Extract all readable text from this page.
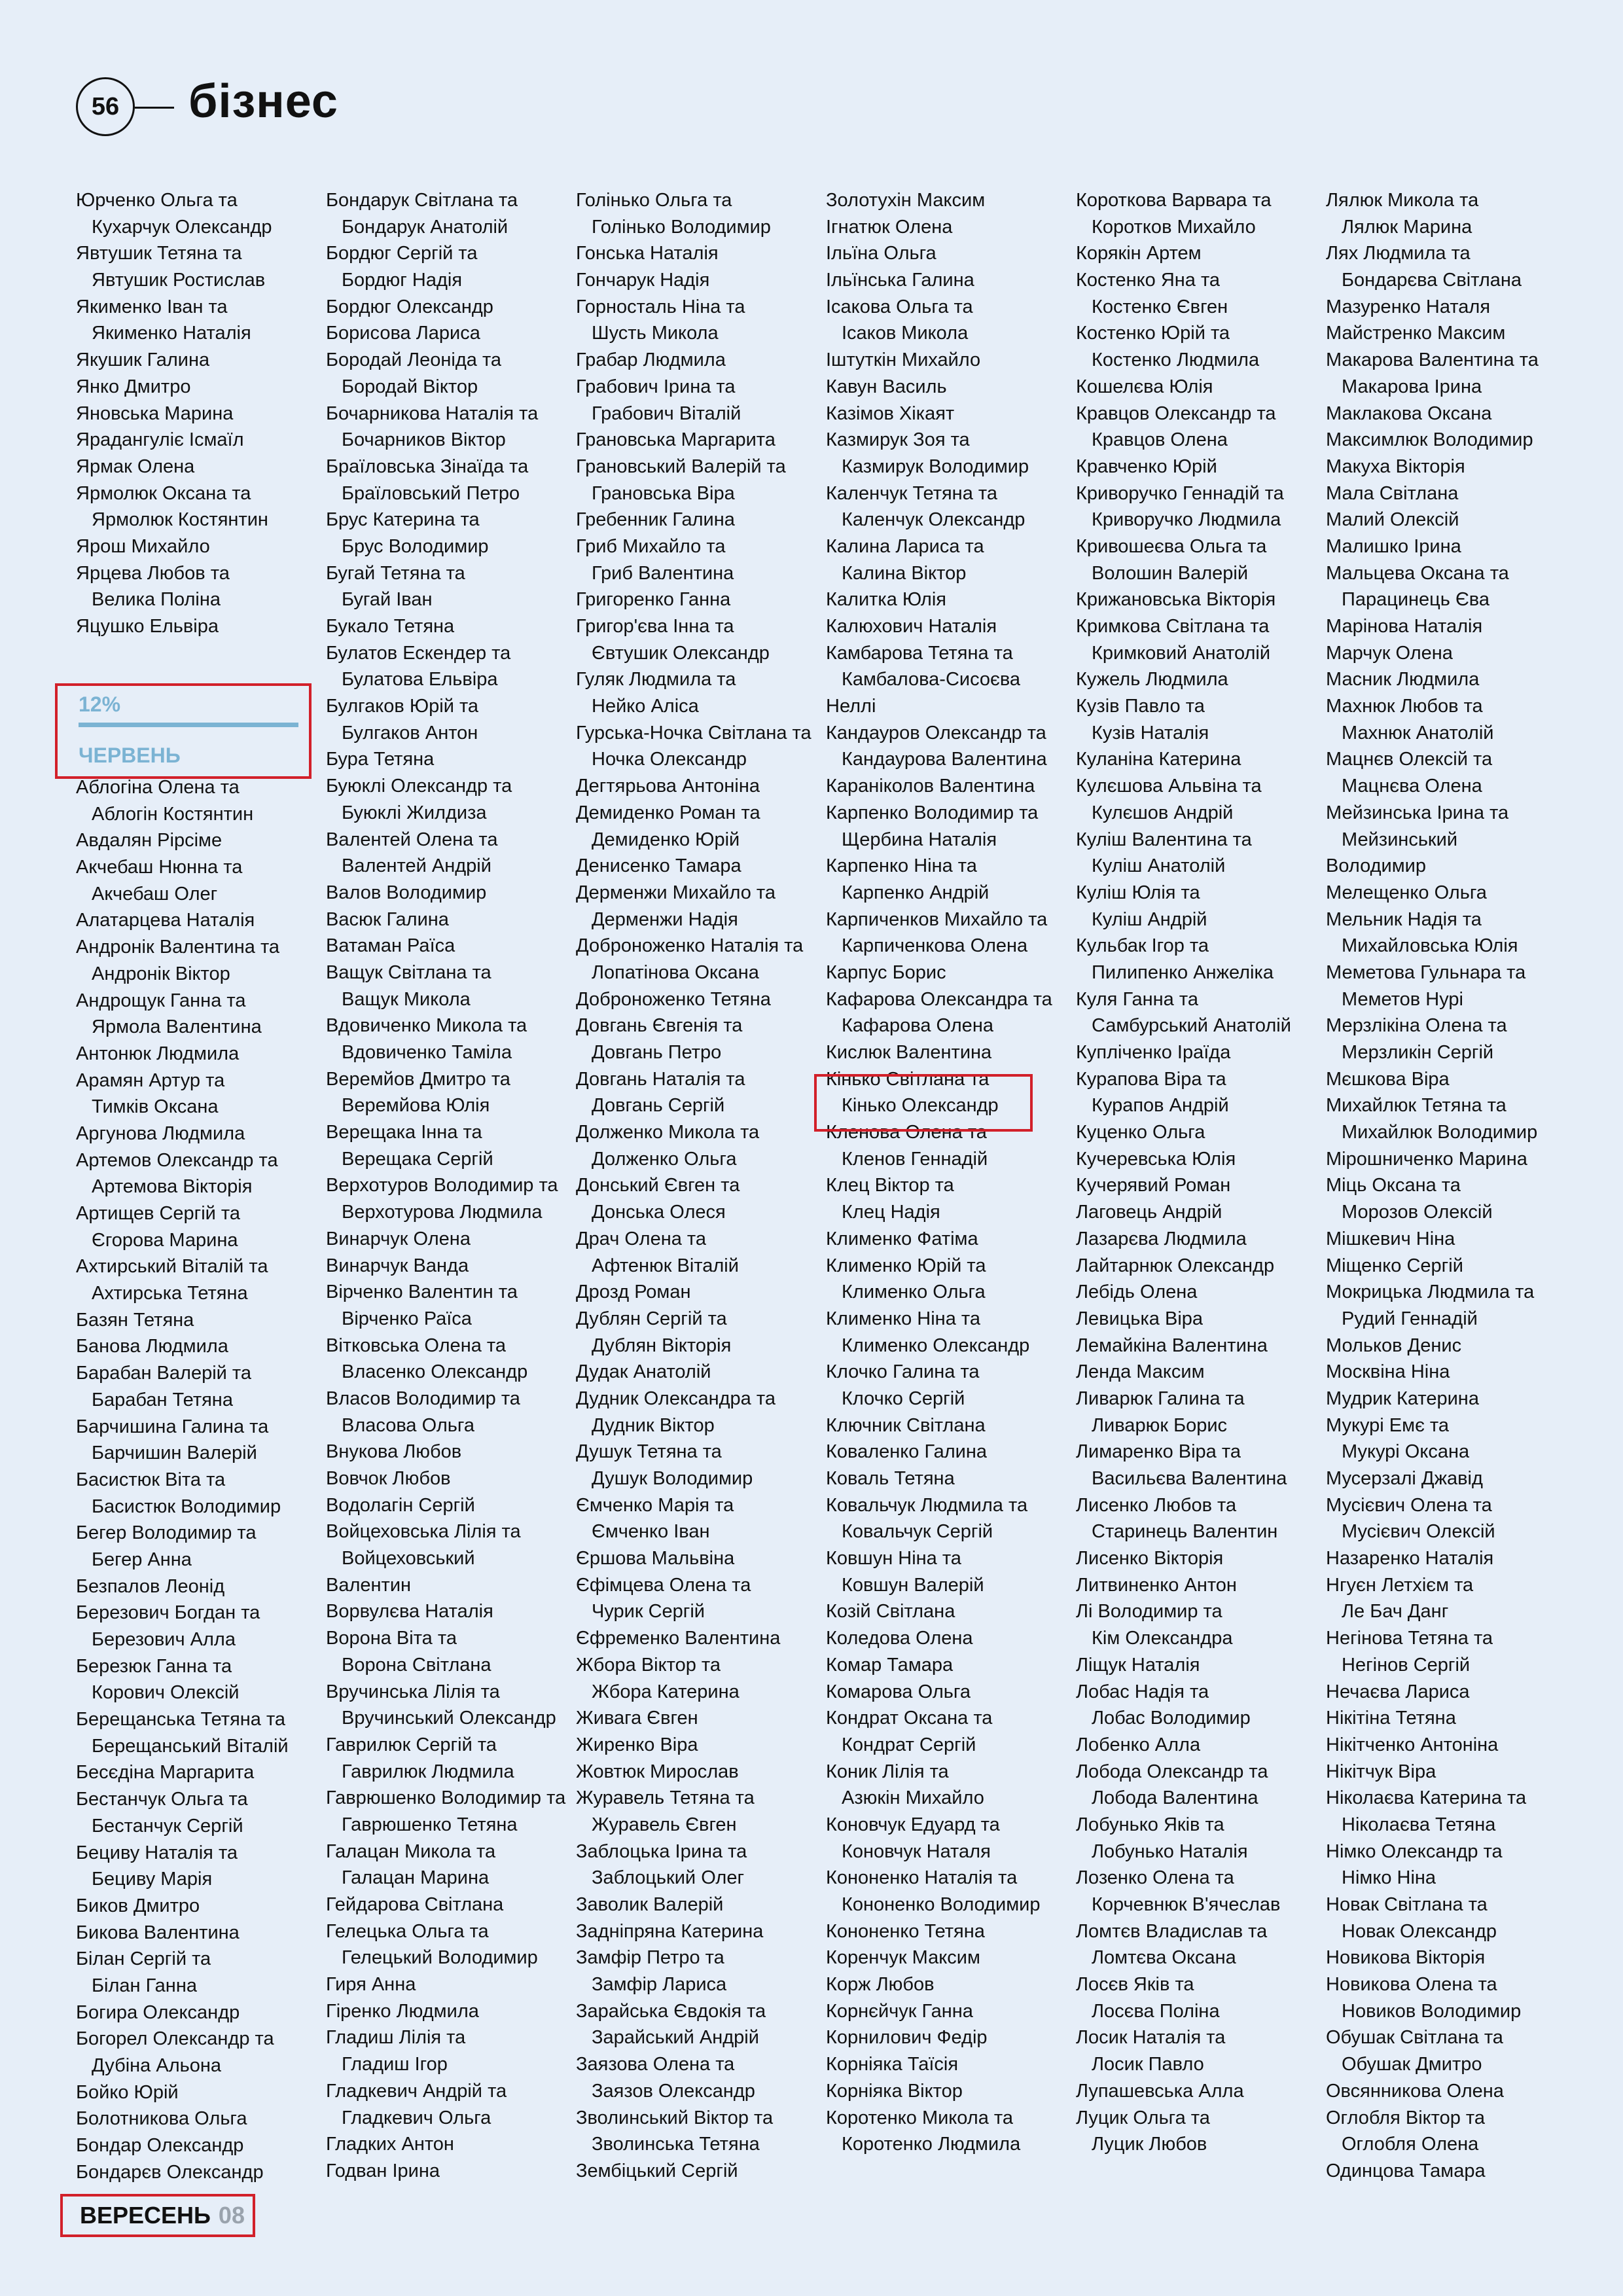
56	бізнес
Юрченко Ольга та
Кухарчук Олександр
Явтушик Тетяна та
Явтушик Ростислав
Якименко Іван та
Якименко Наталія
Якушик Галина
Янко Дмитро
Яновська Марина
Ярадангуліє Ісмаїл
Ярмак Олена
Ярмолюк Оксана та
Ярмолюк Костянтин
Ярош Михайло
Ярцева Любов та
Велика Поліна
Яцушко Ельвіра
12%
ЧЕРВЕНЬ
Аблогіна Олена та
Аблогін Костянтин
Авдалян Рipсіме
Акчебаш Нюнна та
Акчебаш Олег
Алатарцева Наталія
Андронік Валентина та
Андронік Віктор
Андрощук Ганна та
Ярмола Валентина
Антонюк Людмила
Арамян Артур та
Тимків Оксана
Аргунова Людмила
Артемов Олександр та
Артемова Вікторія
Артищев Сергій та
Єгорова Марина
Ахтирський Віталій та
Ахтирська Тетяна
Базян Тетяна
Банова Людмила
Барабан Валерій та
Барабан Тетяна
Барчишина Галина та
Барчишин Валерій
Басистюк Віта та
Басистюк Володимир
Бегер Володимир та
Бегер Анна
Безпалов Леонід
Березович Богдан та
Березович Алла
Березюк Ганна та
Корович Олексій
Берещанська Тетяна та
Берещанський Віталій
Бесєдіна Маргарита
Бестанчук Ольга та
Бестанчук Сергій
Бециву Наталія та
Бециву Марія
Биков Дмитро
Бикова Валентина
Білан Сергій та
Білан Ганна
Богира Олександр
Богорел Олександр та
Дубіна Альона
Бойко Юрій
Болотникова Ольга
Бондар Олександр
Бондарєв Олександр
Бондарук Світлана та
Бондарук Анатолій
Бордюг Сергій та
Бордюг Надія
Бордюг Олександр
Борисова Лариса
Бородай Леоніда та
Бородай Віктор
Бочарникова Наталія та
Бочарников Віктор
Браїловська Зінаїда та
Браїловський Петро
Брус Катерина та
Брус Володимир
Бугай Тетяна та
Бугай Іван
Букало Тетяна
Булатов Ескендер та
Булатова Ельвіра
Булгаков Юрій та
Булгаков Антон
Бура Тетяна
Буюклі Олександр та
Буюклі Жилдиза
Валентей Олена та
Валентей Андрій
Валов Володимир
Васюк Галина
Ватаман Раїса
Ващук Світлана та
Ващук Микола
Вдовиченко Микола та
Вдовиченко Таміла
Веремйов Дмитро та
Веремйова Юлія
Верещака Інна та
Верещака Сергій
Верхотуров Володимир та
Верхотурова Людмила
Винарчук Олена
Винарчук Ванда
Вірченко Валентин та
Вірченко Раїса
Вітковська Олена та
Власенко Олександр
Власов Володимир та
Власова Ольга
Внукова Любов
Вовчок Любов
Водолагін Сергій
Войцеховська Лілія та
Войцеховський
Валентин
Ворвулєва Наталія
Ворона Віта та
Ворона Світлана
Вручинська Лілія та
Вручинський Олександр
Гаврилюк Сергій та
Гаврилюк Людмила
Гаврюшенко Володимир та
Гаврюшенко Тетяна
Галацан Микола та
Галацан Марина
Гейдарова Світлана
Гелецька Ольга та
Гелецький Володимир
Гиря Анна
Гіренко Людмила
Гладиш Лілія та
Гладиш Ігор
Гладкевич Андрій та
Гладкевич Ольга
Гладких Антон
Годван Ірина
Голінько Ольга та
Голінько Володимир
Гонська Наталія
Гончарук Надія
Горносталь Ніна та
Шусть Микола
Грабар Людмила
Грабович Ірина та
Грабович Віталій
Грановська Маргарита
Грановський Валерій та
Грановська Віра
Гребенник Галина
Гриб Михайло та
Гриб Валентина
Григоренко Ганна
Григор'єва Інна та
Євтушик Олександр
Гуляк Людмила та
Нейко Аліса
Гурська-Ночка Світлана та
Ночка Олександр
Дегтярьова Антоніна
Демиденко Роман та
Демиденко Юрій
Денисенко Тамара
Дерменжи Михайло та
Дерменжи Надія
Доброноженко Наталія та
Лопатінова Оксана
Доброноженко Тетяна
Довгань Євгенія та
Довгань Петро
Довгань Наталія та
Довгань Сергій
Долженко Микола та
Долженко Ольга
Донський Євген та
Донська Олеся
Драч Олена та
Афтенюк Віталій
Дрозд Роман
Дублян Сергій та
Дублян Вікторія
Дудак Анатолій
Дудник Олександра та
Дудник Віктор
Душук Тетяна та
Душук Володимир
Ємченко Марія та
Ємченко Іван
Єршова Мальвіна
Єфімцева Олена та
Чурик Сергій
Єфременко Валентина
Жбора Віктор та
Жбора Катерина
Живага Євген
Жиренко Віра
Жовтюк Мирослав
Журавель Тетяна та
Журавель Євген
Заблоцька Ірина та
Заблоцький Олег
Заволик Валерій
Задніпряна Катерина
Замфір Петро та
Замфір Лариса
Зарайська Євдокія та
Зарайський Андрій
Заязова Олена та
Заязов Олександр
Зволинський Віктор та
Зволинська Тетяна
Зембіцький Сергій
Золотухін Максим
Ігнатюк Олена
Ільїна Ольга
Ільїнська Галина
Ісакова Ольга та
Ісаков Микола
Іштуткін Михайло
Кавун Василь
Казімов Хікаят
Казмирук Зоя та
Казмирук Володимир
Каленчук Тетяна та
Каленчук Олександр
Калина Лариса та
Калина Віктор
Калитка Юлія
Калюхович Наталія
Камбарова Тетяна та
Камбалова-Сисоєва
Неллі
Кандауров Олександр та
Кандаурова Валентина
Караніколов Валентина
Карпенко Володимир та
Щербина Наталія
Карпенко Ніна та
Карпенко Андрій
Карпиченков Михайло та
Карпиченкова Олена
Карпус Борис
Кафарова Олександра та
Кафарова Олена
Кислюк Валентина
Кінько Світлана та
Кінько Олександр
Кленова Олена та
Кленов Геннадій
Клец Віктор та
Клец Надія
Клименко Фатіма
Клименко Юрій та
Клименко Ольга
Клименко Ніна та
Клименко Олександр
Клочко Галина та
Клочко Сергій
Ключник Світлана
Коваленко Галина
Коваль Тетяна
Ковальчук Людмила та
Ковальчук Сергій
Ковшун Ніна та
Ковшун Валерій
Козій Світлана
Коледова Олена
Комар Тамара
Комарова Ольга
Кондрат Оксана та
Кондрат Сергій
Коник Лілія та
Азюкін Михайло
Коновчук Едуард та
Коновчук Наталя
Кононенко Наталія та
Кононенко Володимир
Кононенко Тетяна
Коренчук Максим
Корж Любов
Корнєйчук Ганна
Корнилович Федір
Корніяка Таїсія
Корніяка Віктор
Коротенко Микола та
Коротенко Людмила
Короткова Варвара та
Коротков Михайло
Корякін Артем
Костенко Яна та
Костенко Євген
Костенко Юрій та
Костенко Людмила
Кошелєва Юлія
Кравцов Олександр та
Кравцов Олена
Кравченко Юрій
Криворучко Геннадій та
Криворучко Людмила
Кривошеєва Ольга та
Волошин Валерій
Крижановська Вікторія
Кримкова Світлана та
Кримковий Анатолій
Кужель Людмила
Кузів Павло та
Кузів Наталія
Куланіна Катерина
Кулєшова Альвіна та
Кулєшов Андрій
Куліш Валентина та
Куліш Анатолій
Куліш Юлія та
Куліш Андрій
Кульбак Ігор та
Пилипенко Анжеліка
Куля Ганна та
Самбурський Анатолій
Купліченко Іраїда
Курапова Віра та
Курапов Андрій
Куценко Ольга
Кучеревська Юлія
Кучерявий Роман
Лаговець Андрій
Лазарєва Людмила
Лайтарнюк Олександр
Лебідь Олена
Левицька Віра
Лемайкіна Валентина
Ленда Максим
Ливарюк Галина та
Ливарюк Борис
Лимаренко Віра та
Васильєва Валентина
Лисенко Любов та
Старинець Валентин
Лисенко Вікторія
Литвиненко Антон
Лі Володимир та
Кім Олександра
Ліщук Наталія
Лобас Надія та
Лобас Володимир
Лобенко Алла
Лобода Олександр та
Лобода Валентина
Лобунько Яків та
Лобунько Наталія
Лозенко Олена та
Корчевнюк В'ячеслав
Ломтєв Владислав та
Ломтєва Оксана
Лосєв Яків та
Лосєва Поліна
Лосик Наталія та
Лосик Павло
Лупашевська Алла
Луцик Ольга та
Луцик Любов
Лялюк Микола та
Лялюк Марина
Лях Людмила та
Бондарєва Світлана
Мазуренко Наталя
Майстренко Максим
Макарова Валентина та
Макарова Ірина
Маклакова Оксана
Максимлюк Володимир
Макуха Вікторія
Мала Світлана
Малий Олексій
Малишко Ірина
Мальцева Оксана та
Парацинець Єва
Марінова Наталія
Марчук Олена
Масник Людмила
Махнюк Любов та
Махнюк Анатолій
Мацнєв Олексій та
Мацнєва Олена
Мейзинська Ірина та
Мейзинський
Володимир
Мелещенко Ольга
Мельник Надія та
Михайловська Юлія
Меметова Гульнара та
Меметов Нурі
Мерзлікіна Олена та
Мерзликін Сергій
Мєшкова Віра
Михайлюк Тетяна та
Михайлюк Володимир
Мірошниченко Марина
Міць Оксана та
Морозов Олексій
Мішкевич Ніна
Міщенко Сергій
Мокрицька Людмила та
Рудий Геннадій
Мольков Денис
Москвіна Ніна
Мудрик Катерина
Мукурі Емє та
Мукурі Оксана
Мусерзалі Джавід
Мусієвич Олена та
Мусієвич Олексій
Назаренко Наталія
Нгуєн Летхієм та
Ле Бач Данг
Негінова Тетяна та
Негінов Сергій
Нечаєва Лариса
Нікітіна Тетяна
Нікітченко Антоніна
Нікітчук Віра
Ніколаєва Катерина та
Ніколаєва Тетяна
Німко Олександр та
Німко Ніна
Новак Світлана та
Новак Олександр
Новикова Вікторія
Новикова Олена та
Новиков Володимир
Обушак Світлана та
Обушак Дмитро
Овсянникова Олена
Оглобля Віктор та
Оглобля Олена
Одинцова Тамара
ВЕРЕСЕНЬ 08
